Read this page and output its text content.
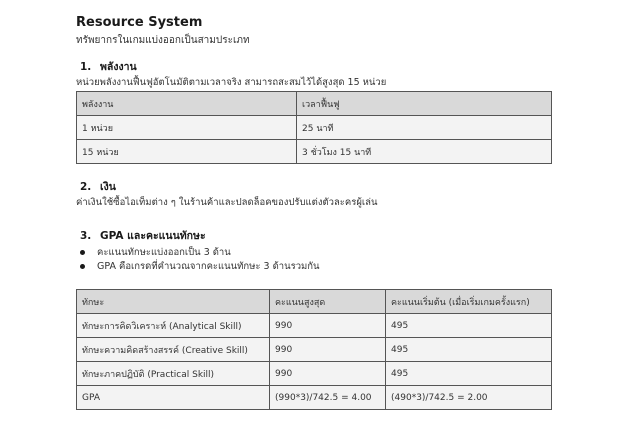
Resource System

ทรัพยากรในเกมแบ่งออกเป็นสามประเภท

1. พลังงาน
หน่วยพลังงานฟื้นฟูอัตโนมัติตามเวลาจริง สามารถสะสมไว้ได้สูงสุด 15 หน่วย
พลังงาน	เวลาฟื้นฟู
1 หน่วย	25 นาที
15 หน่วย	3 ชั่วโมง 15 นาที
2. เงิน
ค่าเงินใช้ซื้อไอเท็มต่าง ๆ ในร้านค้าและปลดล็อคของปรับแต่งตัวละครผู้เล่น
3. GPA และคะแนนทักษะ
คะแนนทักษะแบ่งออกเป็น 3 ด้าน
GPA คือเกรดที่คำนวณจากคะแนนทักษะ 3 ด้านรวมกัน
ทักษะ	คะแนนสูงสุด	คะแนนเริ่มต้น (เมื่อเริ่มเกมครั้งแรก)
ทักษะการคิดวิเคราะห์ (Analytical Skill)	990	495
ทักษะความคิดสร้างสรรค์ (Creative Skill)	990	495
ทักษะภาคปฏิบัติ (Practical Skill)	990	495
GPA	(990*3)/742.5 = 4.00	(490*3)/742.5 = 2.00
